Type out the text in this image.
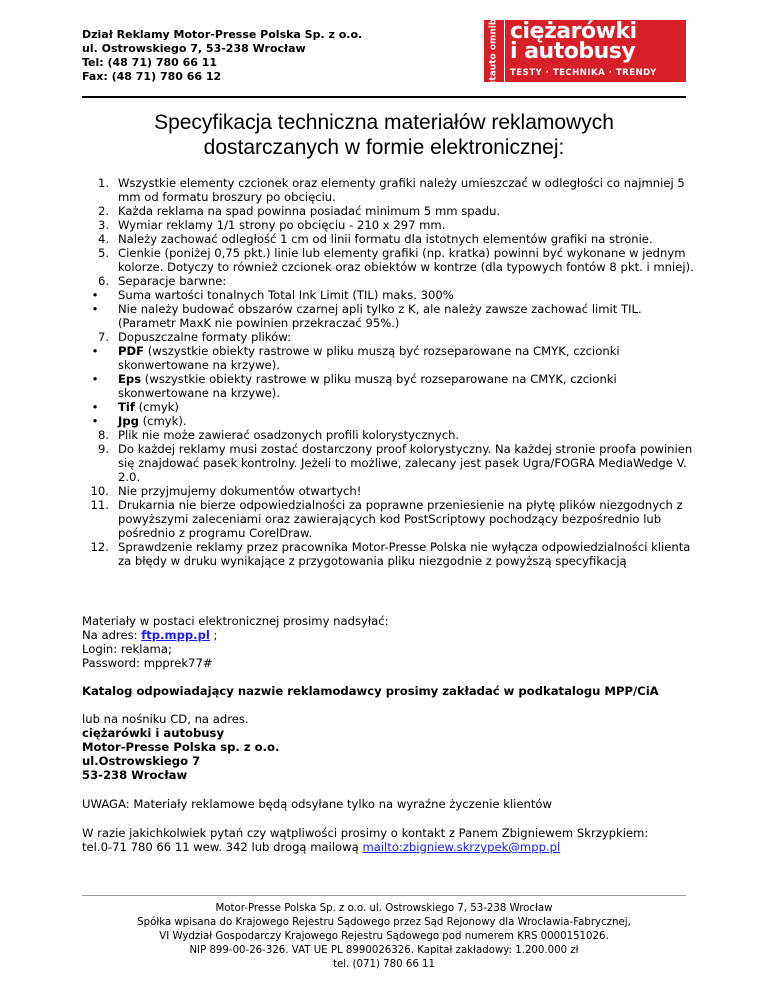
Dział Reklamy Motor-Presse Polska Sp. z o.o.
ul. Ostrowskiego 7, 53-238 Wrocław
Tel: (48 71) 780 66 11
Fax: (48 71) 780 66 12	lastauto omnibus ciężarówki
i autobusy
TESTY · TECHNIKA · TRENDY
Specyfikacja techniczna materiałów reklamowych
dostarczanych w formie elektronicznej:
1. Wszystkie elementy czcionek oraz elementy grafiki należy umieszczać w odległości co najmniej 5 mm od formatu broszury po obcięciu.
2. Każda reklama na spad powinna posiadać minimum 5 mm spadu.
3. Wymiar reklamy 1/1 strony po obcięciu - 210 x 297 mm.
4. Należy zachować odległość 1 cm od linii formatu dla istotnych elementów grafiki na stronie.
5. Cienkie (poniżej 0,75 pkt.) linie lub elementy grafiki (np. kratka) powinni być wykonane w jednym kolorze. Dotyczy to również czcionek oraz obiektów w kontrze (dla typowych fontów 8 pkt. i mniej).
6. Separacje barwne:
•	Suma wartości tonalnych Total Ink Limit (TIL) maks. 300%
•	Nie należy budować obszarów czarnej apli tylko z K, ale należy zawsze zachować limit TIL. (Parametr MaxK nie powinien przekraczać 95%.)
7. Dopuszczalne formaty plików:
•	PDF (wszystkie obiekty rastrowe w pliku muszą być rozseparowane na CMYK, czcionki skonwertowane na krzywe).
•	Eps (wszystkie obiekty rastrowe w pliku muszą być rozseparowane na CMYK, czcionki skonwertowane na krzywe).
•	Tif (cmyk)
•	Jpg (cmyk).
8. Plik nie może zawierać osadzonych profili kolorystycznych.
9. Do każdej reklamy musi zostać dostarczony proof kolorystyczny. Na każdej stronie proofa powinien się znajdować pasek kontrolny. Jeżeli to możliwe, zalecany jest pasek Ugra/FOGRA MediaWedge V. 2.0.
10. Nie przyjmujemy dokumentów otwartych!
11. Drukarnia nie bierze odpowiedzialności za poprawne przeniesienie na płytę plików niezgodnych z powyższymi zaleceniami oraz zawierających kod PostScriptowy pochodzący bezpośrednio lub pośrednio z programu CorelDraw.
12. Sprawdzenie reklamy przez pracownika Motor-Presse Polska nie wyłącza odpowiedzialności klienta za błędy w druku wynikające z przygotowania pliku niezgodnie z powyższą specyfikacją
Materiały w postaci elektronicznej prosimy nadsyłać:
Na adres: ftp.mpp.pl ;
Login: reklama;
Password: mpprek77#
Katalog odpowiadający nazwie reklamodawcy prosimy zakładać w podkatalogu MPP/CiA
lub na nośniku CD, na adres.
ciężarówki i autobusy
Motor-Presse Polska sp. z o.o.
ul.Ostrowskiego 7
53-238 Wrocław
UWAGA: Materiały reklamowe będą odsyłane tylko na wyraźne życzenie klientów
W razie jakichkolwiek pytań czy wątpliwości prosimy o kontakt z Panem Zbigniewem Skrzypkiem:
tel.0-71 780 66 11 wew. 342 lub drogą mailową mailto:zbigniew.skrzypek@mpp.pl
Motor-Presse Polska Sp. z o.o. ul. Ostrowskiego 7, 53-238 Wrocław
Spółka wpisana do Krajowego Rejestru Sądowego przez Sąd Rejonowy dla Wrocławia-Fabrycznej,
VI Wydział Gospodarczy Krajowego Rejestru Sądowego pod numerem KRS 0000151026.
NIP 899-00-26-326. VAT UE PL 8990026326. Kapitał zakładowy: 1.200.000 zł
tel. (071) 780 66 11
